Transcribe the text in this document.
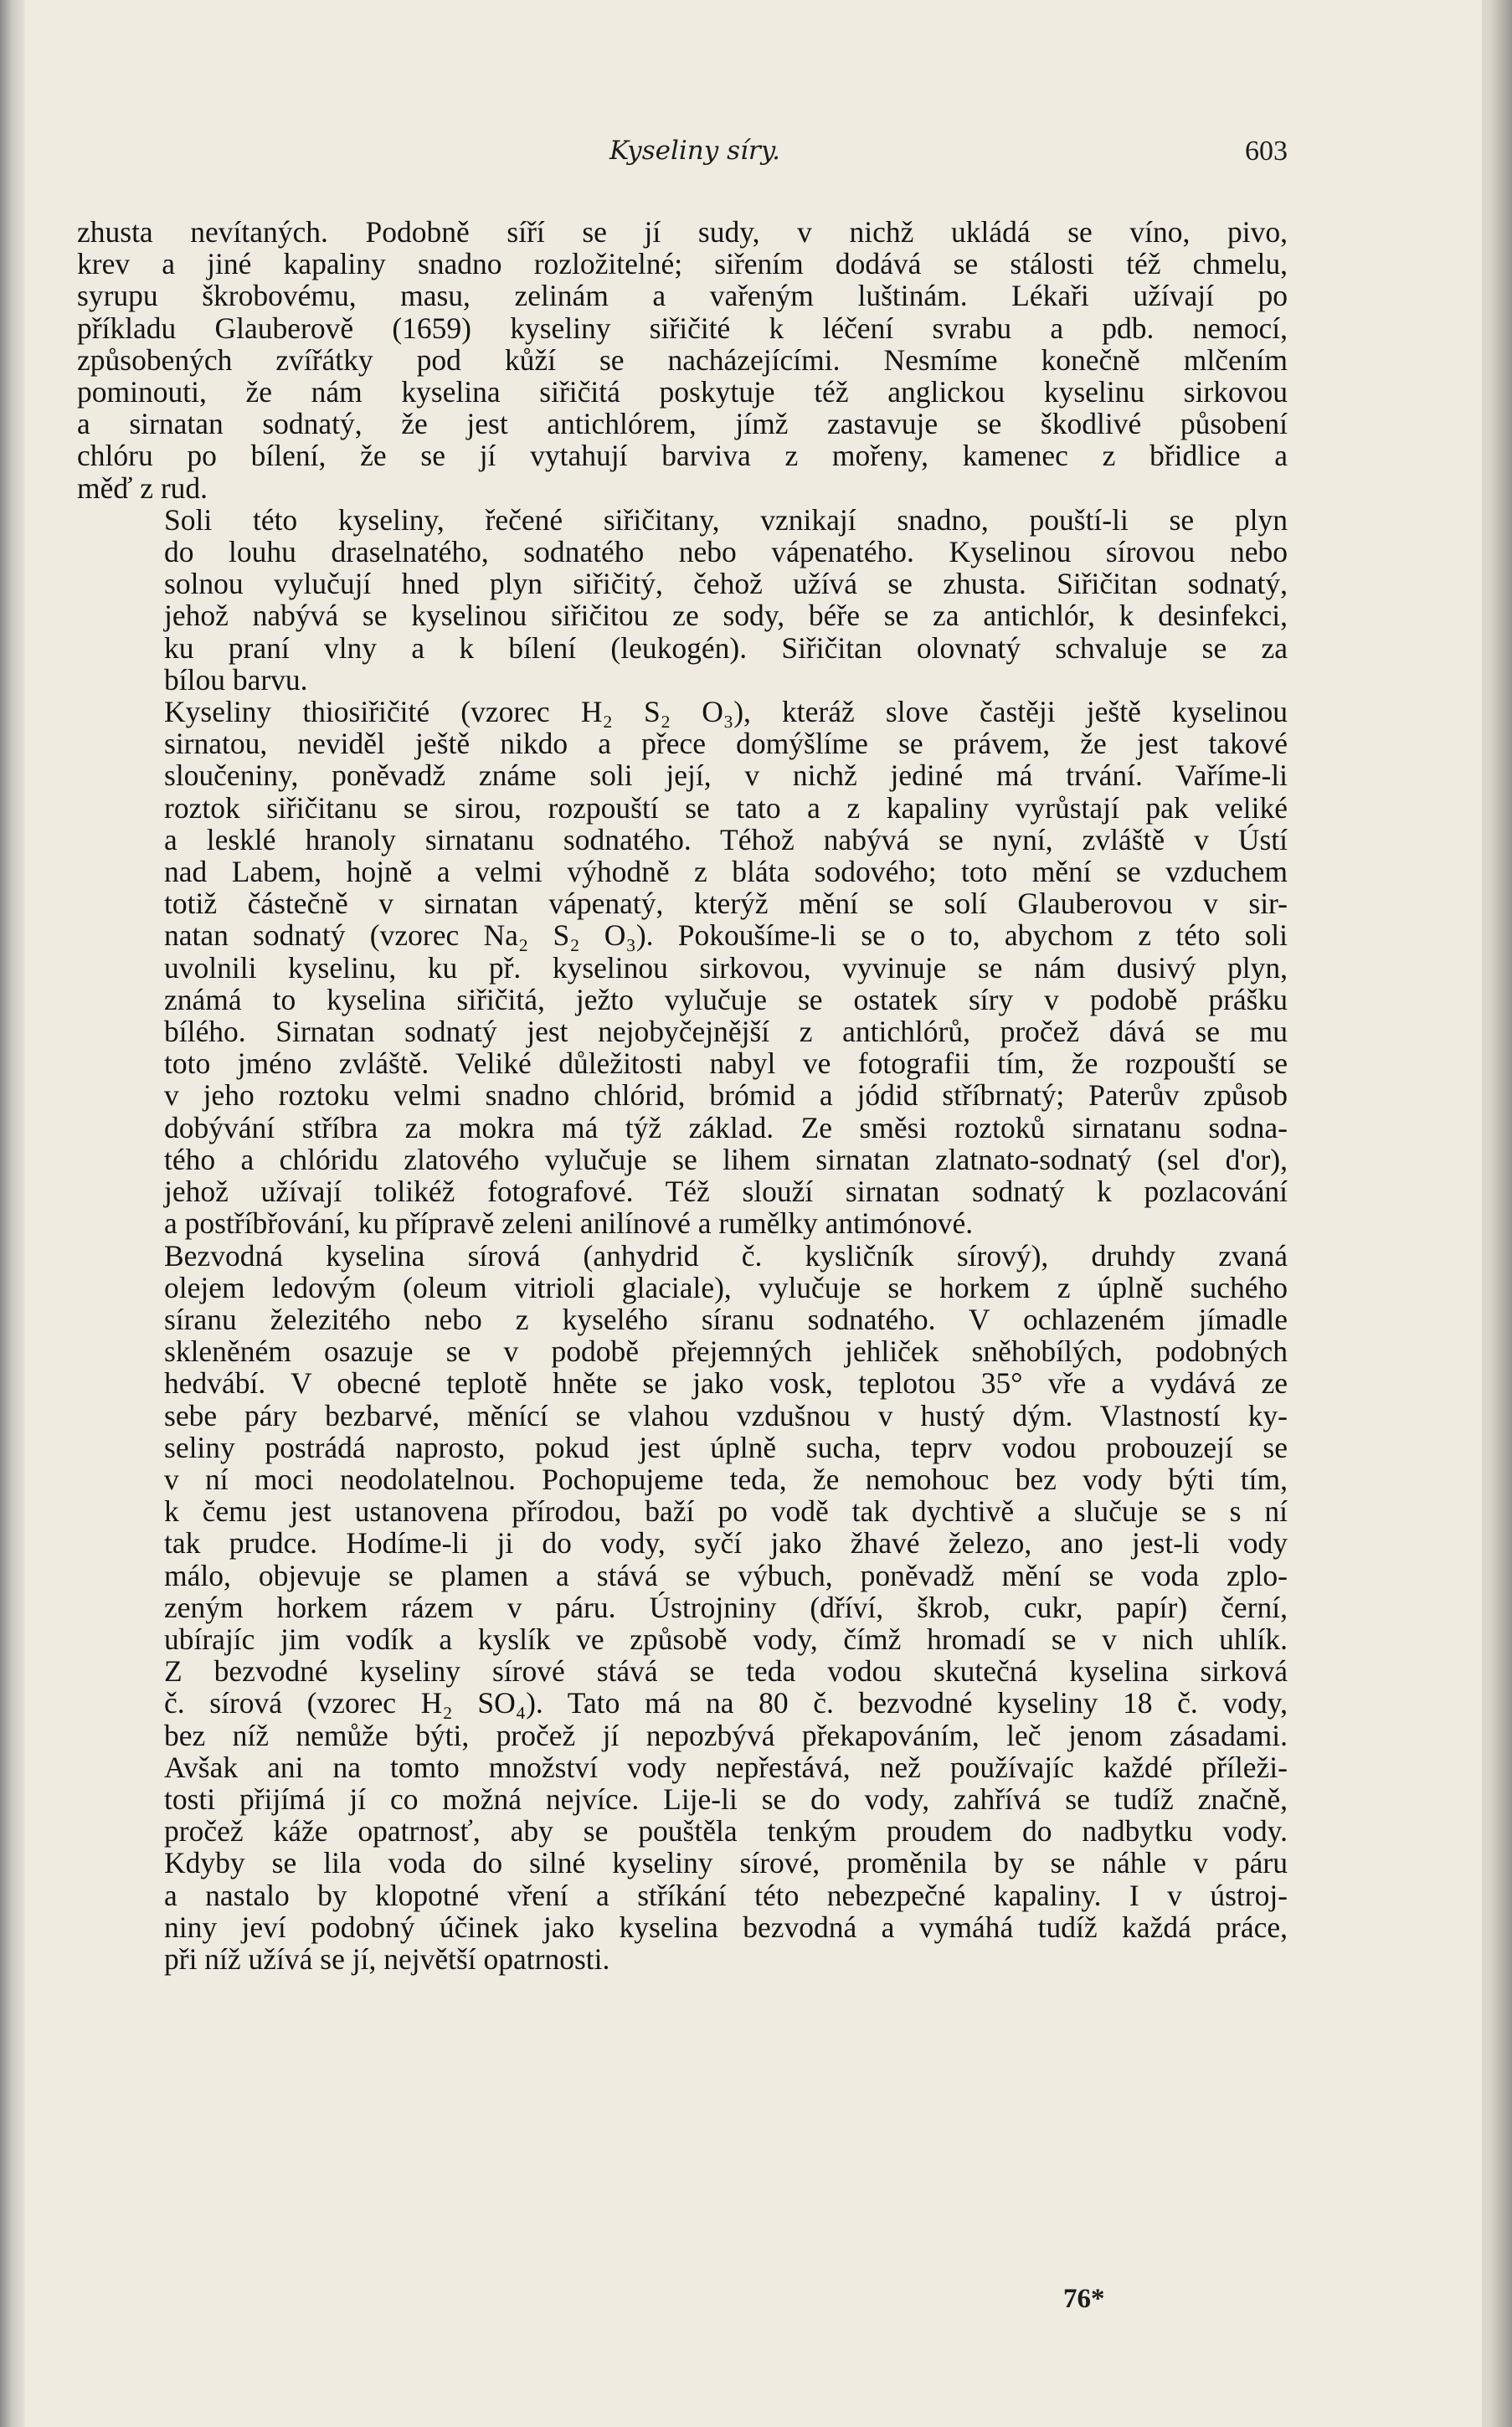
Kyseliny síry.	603

zhusta nevítaných. Podobně síří se jí sudy, v nichž ukládá se víno, pivo,
krev a jiné kapaliny snadno rozložitelné; siřením dodává se stálosti též chmelu,
syrupu škrobovému, masu, zelinám a vařeným luštinám. Lékaři užívají po
příkladu Glauberově (1659) kyseliny siřičité k léčení svrabu a pdb. nemocí,
způsobených zvířátky pod kůží se nacházejícími. Nesmíme konečně mlčením
pominouti, že nám kyselina siřičitá poskytuje též anglickou kyselinu sirkovou
a sirnatan sodnatý, že jest antichlórem, jímž zastavuje se škodlivé působení
chlóru po bílení, že se jí vytahují barviva z mořeny, kamenec z břidlice a
měď z rud.

Soli této kyseliny, řečené siřičitany, vznikají snadno, pouští-li se plyn
do louhu draselnatého, sodnatého nebo vápenatého. Kyselinou sírovou nebo
solnou vylučují hned plyn siřičitý, čehož užívá se zhusta. Siřičitan sodnatý,
jehož nabývá se kyselinou siřičitou ze sody, béře se za antichlór, k desinfekci,
ku praní vlny a k bílení (leukogén). Siřičitan olovnatý schvaluje se za
bílou barvu.

Kyseliny thiosiřičité (vzorec H₂ S₂ O₃), kteráž slove častěji ještě kyselinou
sirnatou, neviděl ještě nikdo a přece domýšlíme se právem, že jest takové
sloučeniny, poněvadž známe soli její, v nichž jediné má trvání. Vaříme-li
roztok siřičitanu se sirou, rozpouští se tato a z kapaliny vyrůstají pak veliké
a lesklé hranoly sirnatanu sodnatého. Téhož nabývá se nyní, zvláště v Ústí
nad Labem, hojně a velmi výhodně z bláta sodového; toto mění se vzduchem
totiž částečně v sirnatan vápenatý, kterýž mění se solí Glauberovou v sir-
natan sodnatý (vzorec Na₂ S₂ O₃). Pokoušíme-li se o to, abychom z této soli
uvolnili kyselinu, ku př. kyselinou sirkovou, vyvinuje se nám dusivý plyn,
známá to kyselina siřičitá, ježto vylučuje se ostatek síry v podobě prášku
bílého. Sirnatan sodnatý jest nejobyčejnější z antichlórů, pročež dává se mu
toto jméno zvláště. Veliké důležitosti nabyl ve fotografii tím, že rozpouští se
v jeho roztoku velmi snadno chlórid, brómid a jódid stříbrnatý; Paterův způsob
dobývání stříbra za mokra má týž základ. Ze směsi roztoků sirnatanu sodna-
tého a chlóridu zlatového vylučuje se lihem sirnatan zlatnato-sodnatý (sel d'or),
jehož užívají tolikéž fotografové. Též slouží sirnatan sodnatý k pozlacování
a postříbřování, ku přípravě zeleni anilínové a rumělky antimónové.

Bezvodná kyselina sírová (anhydrid č. kysličník sírový), druhdy zvaná
olejem ledovým (oleum vitrioli glaciale), vylučuje se horkem z úplně suchého
síranu železitého nebo z kyselého síranu sodnatého. V ochlazeném jímadle
skleněném osazuje se v podobě přejemných jehliček sněhobílých, podobných
hedvábí. V obecné teplotě hněte se jako vosk, teplotou 35° vře a vydává ze
sebe páry bezbarvé, měnící se vlahou vzdušnou v hustý dým. Vlastností ky-
seliny postrádá naprosto, pokud jest úplně sucha, teprv vodou probouzejí se
v ní moci neodolatelnou. Pochopujeme teda, že nemohouc bez vody býti tím,
k čemu jest ustanovena přírodou, baží po vodě tak dychtivě a slučuje se s ní
tak prudce. Hodíme-li ji do vody, syčí jako žhavé železo, ano jest-li vody
málo, objevuje se plamen a stává se výbuch, poněvadž mění se voda zplo-
zeným horkem rázem v páru. Ústrojniny (dříví, škrob, cukr, papír) černí,
ubírajíc jim vodík a kyslík ve způsobě vody, čímž hromadí se v nich uhlík.
Z bezvodné kyseliny sírové stává se teda vodou skutečná kyselina sirková
č. sírová (vzorec H₂ SO₄). Tato má na 80 č. bezvodné kyseliny 18 č. vody,
bez níž nemůže býti, pročež jí nepozbývá překapováním, leč jenom zásadami.
Avšak ani na tomto množství vody nepřestává, než používajíc každé příleži-
tosti přijímá jí co možná nejvíce. Lije-li se do vody, zahřívá se tudíž značně,
pročež káže opatrnosť, aby se pouštěla tenkým proudem do nadbytku vody.
Kdyby se lila voda do silné kyseliny sírové, proměnila by se náhle v páru
a nastalo by klopotné vření a stříkání této nebezpečné kapaliny. I v ústroj-
niny jeví podobný účinek jako kyselina bezvodná a vymáhá tudíž každá práce,
při níž užívá se jí, největší opatrnosti.

76*
